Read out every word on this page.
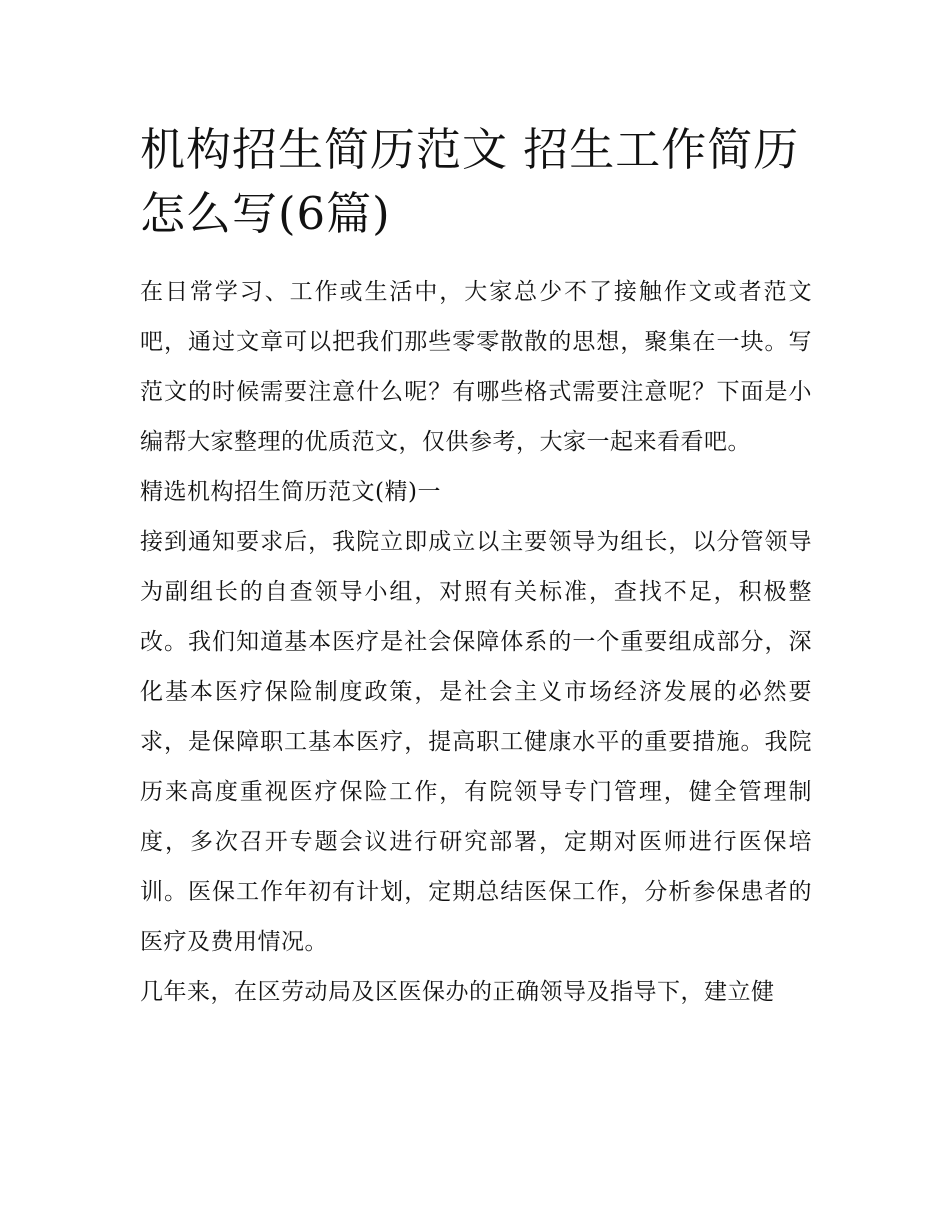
机构招生简历范文 招生工作简历怎么写(6篇)

在日常学习、工作或生活中，大家总少不了接触作文或者范文吧，通过文章可以把我们那些零零散散的思想，聚集在一块。写范文的时候需要注意什么呢？有哪些格式需要注意呢？下面是小编帮大家整理的优质范文，仅供参考，大家一起来看看吧。

精选机构招生简历范文(精)一

接到通知要求后，我院立即成立以主要领导为组长，以分管领导为副组长的自查领导小组，对照有关标准，查找不足，积极整改。我们知道基本医疗是社会保障体系的一个重要组成部分，深化基本医疗保险制度政策，是社会主义市场经济发展的必然要求，是保障职工基本医疗，提高职工健康水平的重要措施。我院历来高度重视医疗保险工作，有院领导专门管理，健全管理制度，多次召开专题会议进行研究部署，定期对医师进行医保培训。医保工作年初有计划，定期总结医保工作，分析参保患者的医疗及费用情况。

几年来，在区劳动局及区医保办的正确领导及指导下，建立健
